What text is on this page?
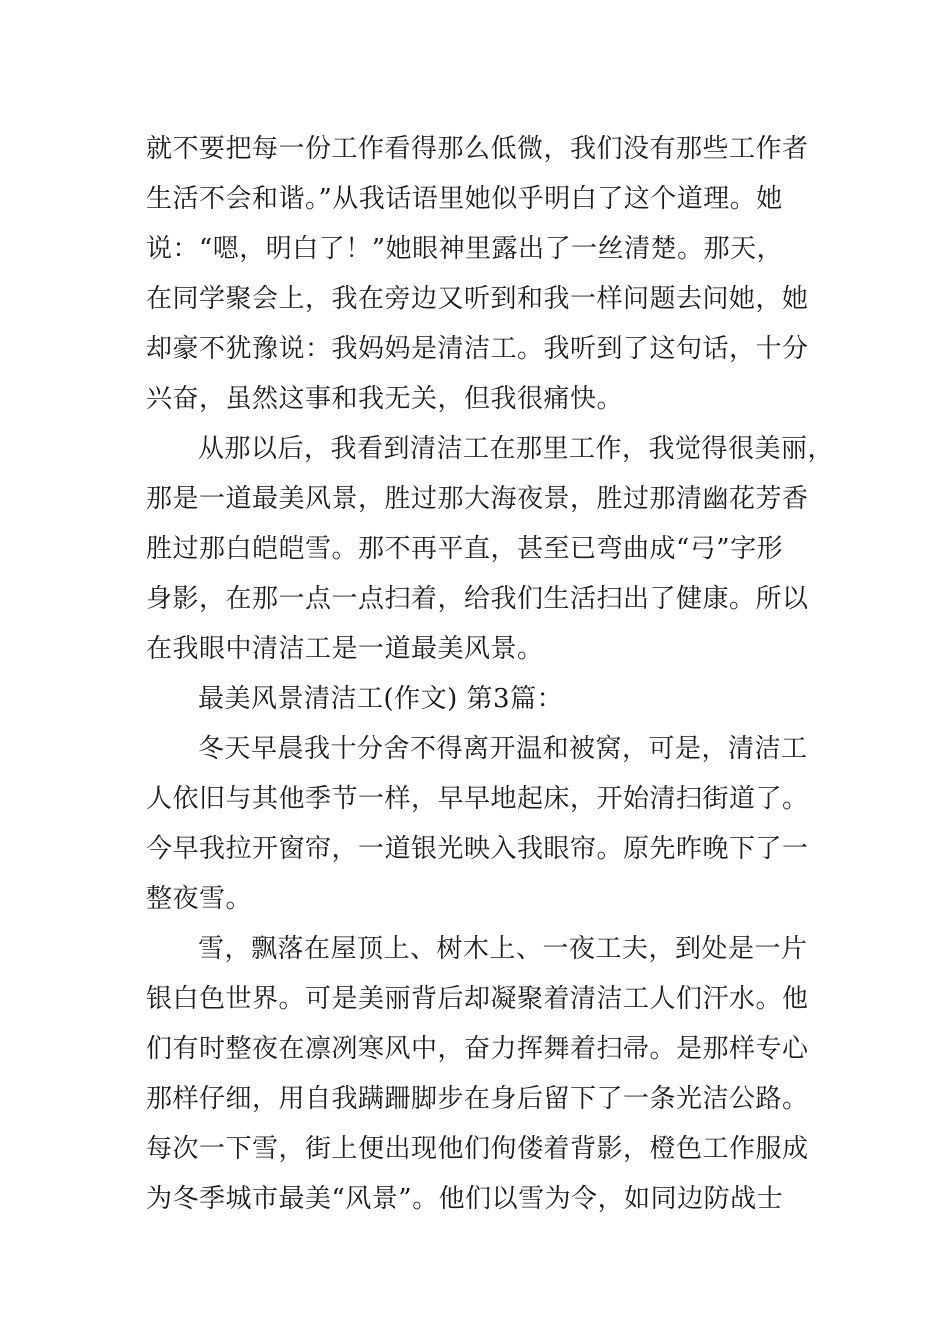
就不要把每一份工作看得那么低微，我们没有那些工作者

生活不会和谐。”从我话语里她似乎明白了这个道理。她

说：“嗯，明白了！”她眼神里露出了一丝清楚。那天，

在同学聚会上，我在旁边又听到和我一样问题去问她，她

却豪不犹豫说：我妈妈是清洁工。我听到了这句话，十分

兴奋，虽然这事和我无关，但我很痛快。

从那以后，我看到清洁工在那里工作，我觉得很美丽，

那是一道最美风景，胜过那大海夜景，胜过那清幽花芳香

胜过那白皑皑雪。那不再平直，甚至已弯曲成“弓”字形

身影，在那一点一点扫着，给我们生活扫出了健康。所以

在我眼中清洁工是一道最美风景。

最美风景清洁工(作文) 第3篇：

冬天早晨我十分舍不得离开温和被窝，可是，清洁工

人依旧与其他季节一样，早早地起床，开始清扫街道了。

今早我拉开窗帘，一道银光映入我眼帘。原先昨晚下了一

整夜雪。

雪，飘落在屋顶上、树木上、一夜工夫，到处是一片

银白色世界。可是美丽背后却凝聚着清洁工人们汗水。他

们有时整夜在凛冽寒风中，奋力挥舞着扫帚。是那样专心

那样仔细，用自我蹒跚脚步在身后留下了一条光洁公路。

每次一下雪，街上便出现他们佝偻着背影，橙色工作服成

为冬季城市最美“风景”。他们以雪为令，如同边防战士
